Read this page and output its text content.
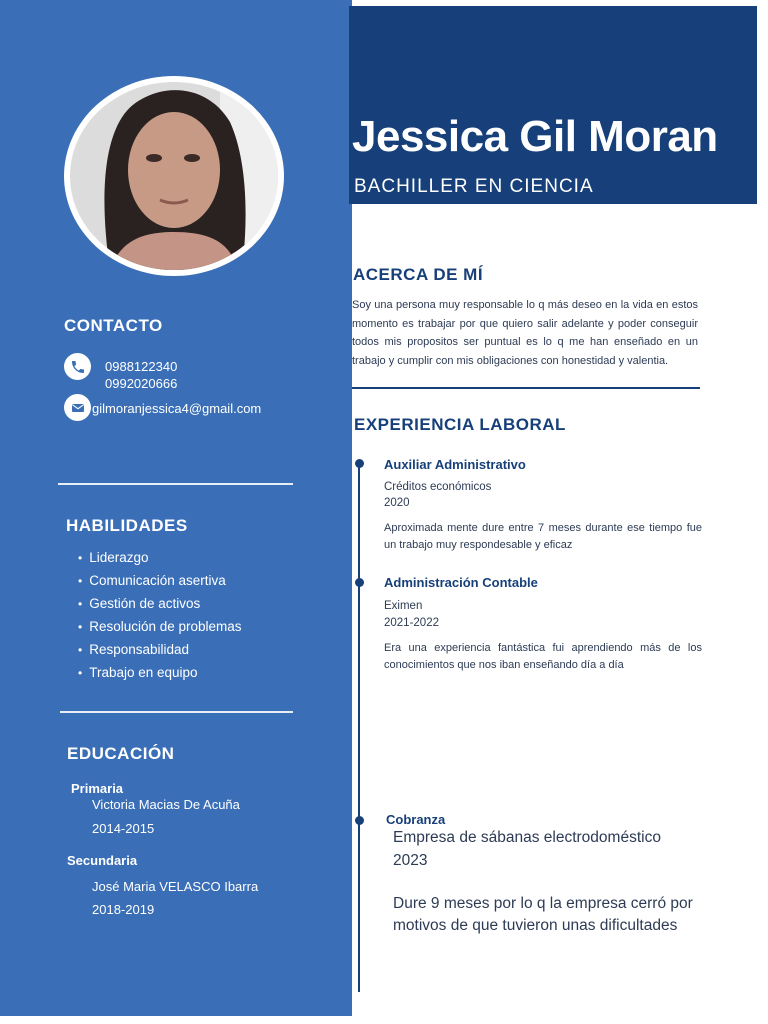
Jessica Gil Moran
BACHILLER EN CIENCIA
CONTACTO
0988122340
0992020666
gilmoranjessica4@gmail.com
HABILIDADES
• Liderazgo
• Comunicación asertiva
• Gestión de activos
• Resolución de problemas
• Responsabilidad
• Trabajo en equipo
EDUCACIÓN
Primaria
Victoria Macias De Acuña
2014-2015
Secundaria
José Maria VELASCO Ibarra
2018-2019
ACERCA DE MÍ
Soy una persona muy responsable lo q más deseo en la vida en estos momento es trabajar por que quiero salir adelante y poder conseguir todos mis propositos ser puntual es lo q me han enseñado en un trabajo y cumplir con mis obligaciones con honestidad y valentia.
EXPERIENCIA LABORAL
Auxiliar Administrativo
Créditos económicos
2020
Aproximada mente dure entre 7 meses durante ese tiempo fue un trabajo muy respondesable y eficaz
Administración Contable
Eximen
2021-2022
Era una experiencia fantástica fui aprendiendo más de los conocimientos que nos iban enseñando día a día
Cobranza
Empresa de sábanas electrodoméstico
2023
Dure 9 meses por lo q la empresa cerró por motivos de que tuvieron unas dificultades
